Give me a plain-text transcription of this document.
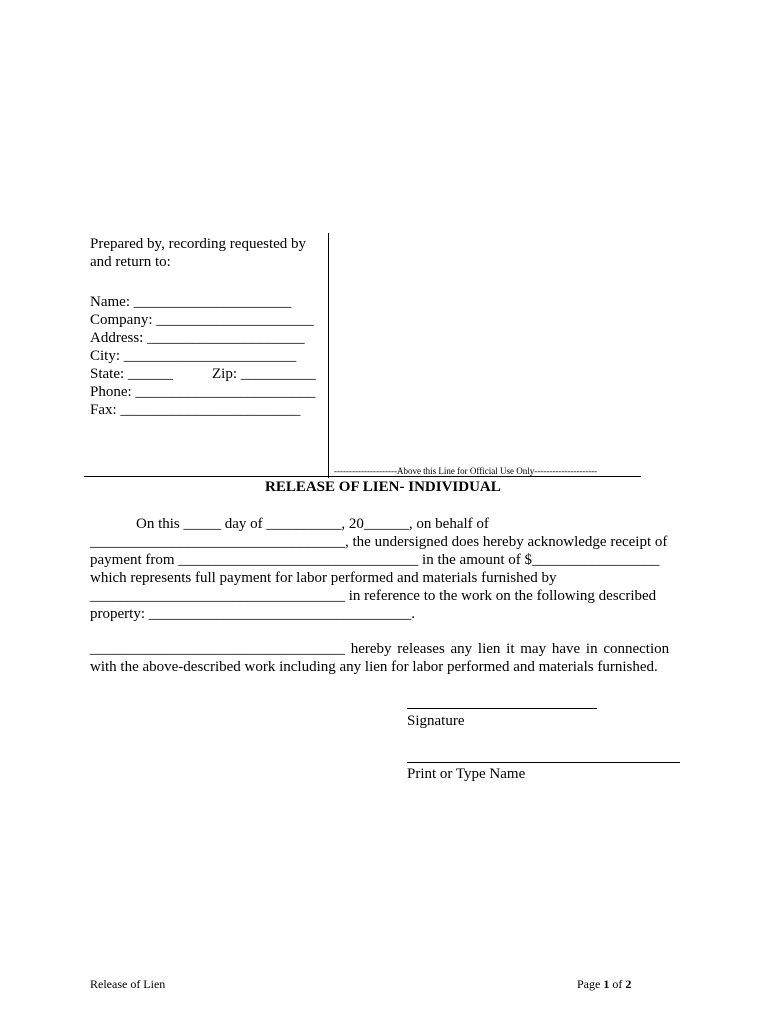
Prepared by, recording requested by
and return to:
Name: _____________________
Company: _____________________
Address: _____________________
City: _______________________
State: ______	Zip: __________
Phone: ________________________
Fax: ________________________
---------------------Above this Line for Official Use Only---------------------
RELEASE OF LIEN- INDIVIDUAL
On this _____ day of __________, 20______, on behalf of
__________________________________, the undersigned does hereby acknowledge receipt of
payment from ________________________________ in the amount of $_________________
which represents full payment for labor performed and materials furnished by
__________________________________ in reference to the work on the following described
property: ___________________________________.
__________________________________ hereby releases any lien it may have in connection
with the above-described work including any lien for labor performed and materials furnished.
Signature
Print or Type Name
Release of Lien	Page 1 of 2
